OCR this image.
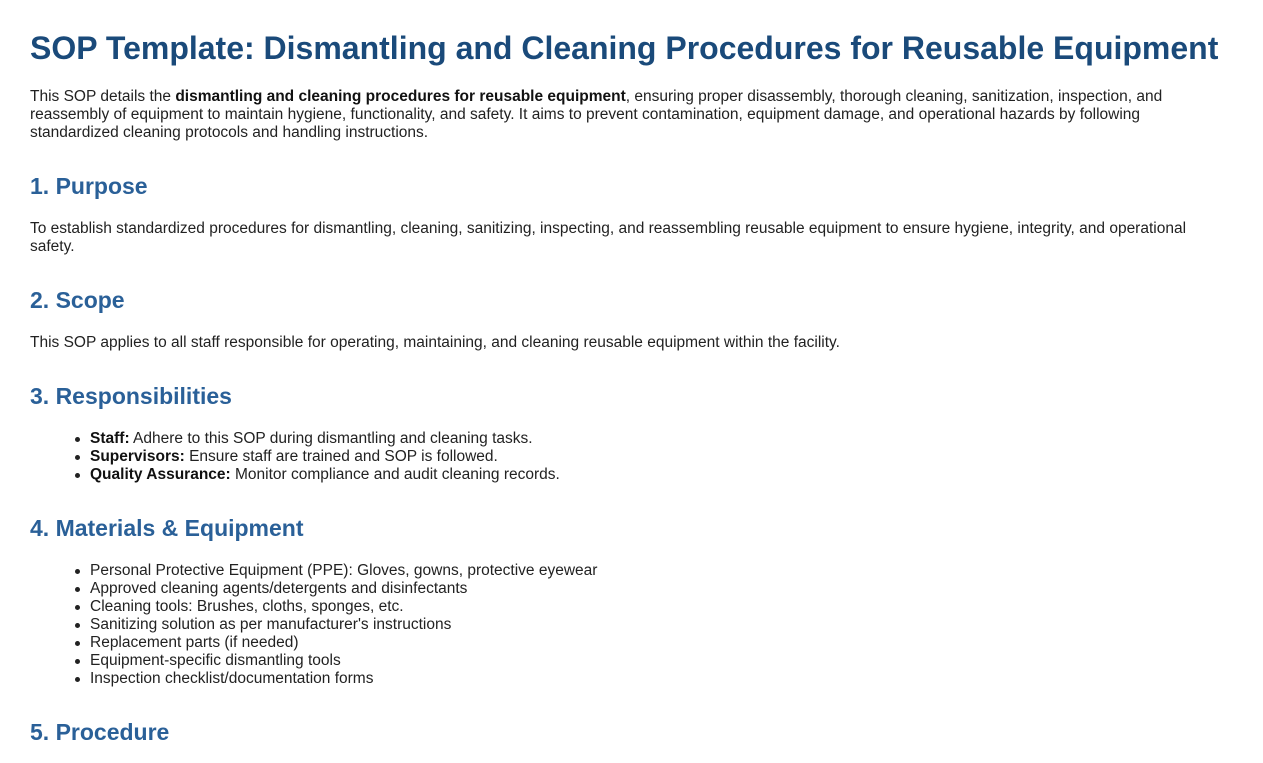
SOP Template: Dismantling and Cleaning Procedures for Reusable Equipment
This SOP details the dismantling and cleaning procedures for reusable equipment, ensuring proper disassembly, thorough cleaning, sanitization, inspection, and reassembly of equipment to maintain hygiene, functionality, and safety. It aims to prevent contamination, equipment damage, and operational hazards by following standardized cleaning protocols and handling instructions.
1. Purpose

To establish standardized procedures for dismantling, cleaning, sanitizing, inspecting, and reassembling reusable equipment to ensure hygiene, integrity, and operational safety.

2. Scope

This SOP applies to all staff responsible for operating, maintaining, and cleaning reusable equipment within the facility.

3. Responsibilities
Staff: Adhere to this SOP during dismantling and cleaning tasks.
Supervisors: Ensure staff are trained and SOP is followed.
Quality Assurance: Monitor compliance and audit cleaning records.
4. Materials & Equipment
Personal Protective Equipment (PPE): Gloves, gowns, protective eyewear
Approved cleaning agents/detergents and disinfectants
Cleaning tools: Brushes, cloths, sponges, etc.
Sanitizing solution as per manufacturer's instructions
Replacement parts (if needed)
Equipment-specific dismantling tools
Inspection checklist/documentation forms
5. Procedure
